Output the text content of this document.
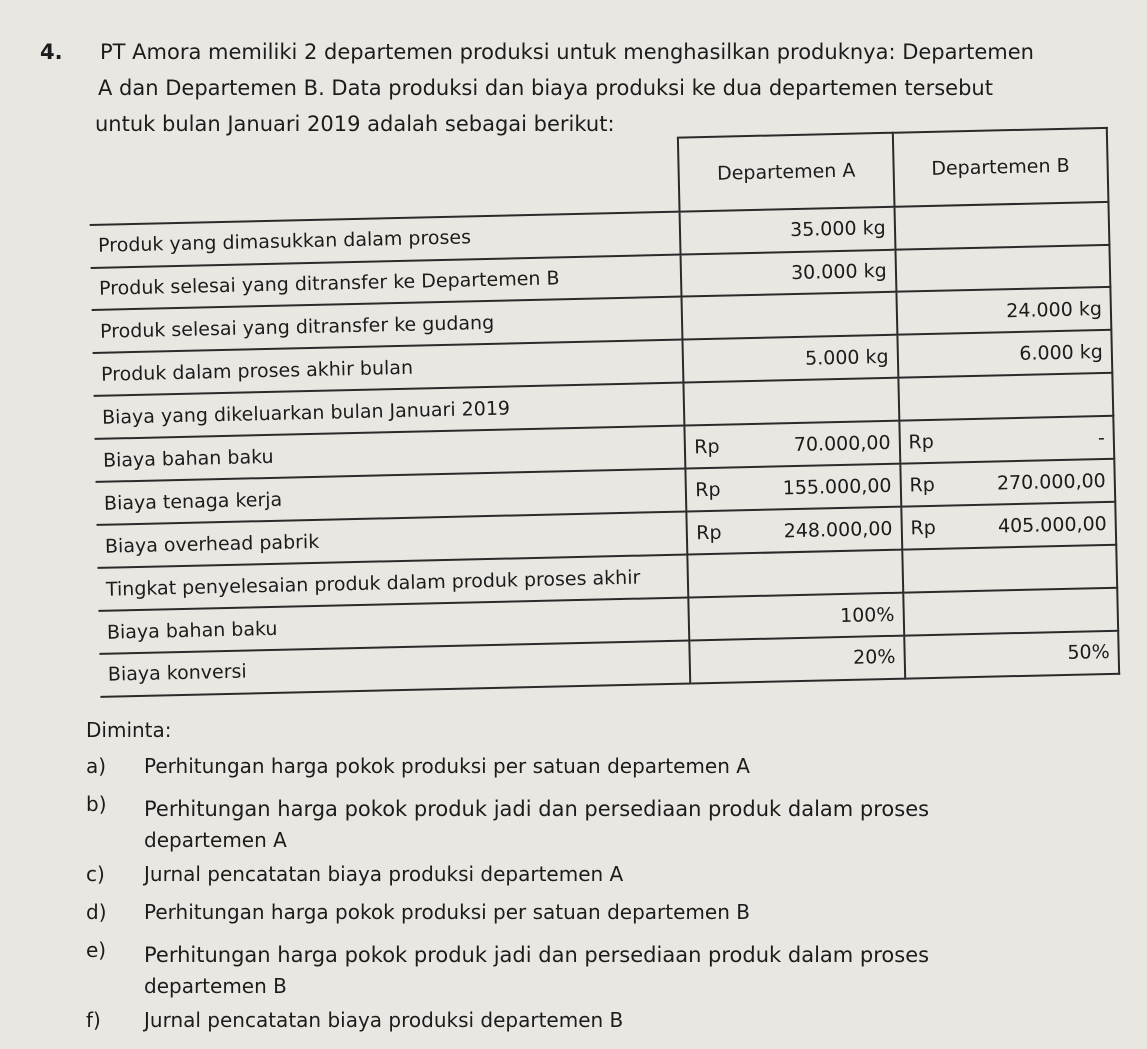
4. PT Amora memiliki 2 departemen produksi untuk menghasilkan produknya: Departemen
A dan Departemen B. Data produksi dan biaya produksi ke dua departemen tersebut
untuk bulan Januari 2019 adalah sebagai berikut:
	Departemen A	Departemen B
Produk yang dimasukkan dalam proses	35.000 kg	
Produk selesai yang ditransfer ke Departemen B	30.000 kg	
Produk selesai yang ditransfer ke gudang		24.000 kg
Produk dalam proses akhir bulan	5.000 kg	6.000 kg
Biaya yang dikeluarkan bulan Januari 2019		
Biaya bahan baku	Rp 70.000,00	Rp -

Biaya tenaga kerja	Rp 155.000,00	Rp 270.000,00

Biaya overhead pabrik	Rp 248.000,00	Rp 405.000,00

Tingkat penyelesaian produk dalam produk proses akhir		
Biaya bahan baku	100%	
Biaya konversi	20%	50%
Diminta:
a) Perhitungan harga pokok produksi per satuan departemen A
b) Perhitungan harga pokok produk jadi dan persediaan produk dalam proses
departemen A
c) Jurnal pencatatan biaya produksi departemen A
d) Perhitungan harga pokok produksi per satuan departemen B
e) Perhitungan harga pokok produk jadi dan persediaan produk dalam proses
departemen B
f) Jurnal pencatatan biaya produksi departemen B
